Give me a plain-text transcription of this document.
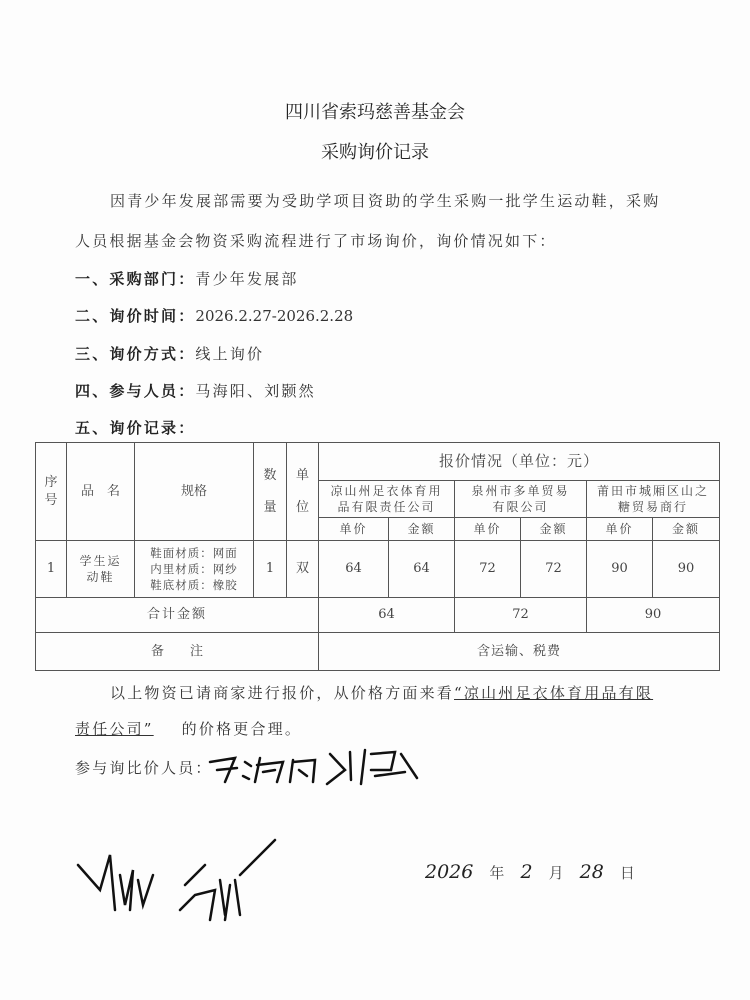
四川省索玛慈善基金会
采购询价记录
因青少年发展部需要为受助学项目资助的学生采购一批学生运动鞋，采购
人员根据基金会物资采购流程进行了市场询价，询价情况如下：
一、采购部门：青少年发展部
二、询价时间：2026.2.27-2026.2.28
三、询价方式：线上询价
四、参与人员：马海阳、刘颢然
五、询价记录：
序号	品　名	规格	数量	单位	报价情况（单位：元）					
					凉山州足衣体育用品有限责任公司		泉州市多单贸易有限公司		莆田市城厢区山之糖贸易商行	
					单价	金额	单价	金额	单价	金额
1	学生运动鞋	鞋面材质：网面
内里材质：网纱
鞋底材质：橡胶	1	双	64	64	72	72	90	90
合计金额					64		72		90	
备　　注					含运输、税费					
以上物资已请商家进行报价，从价格方面来看“凉山州足衣体育用品有限
责任公司” 的价格更合理。
参与询比价人员：
2026 年 2 月 28 日
